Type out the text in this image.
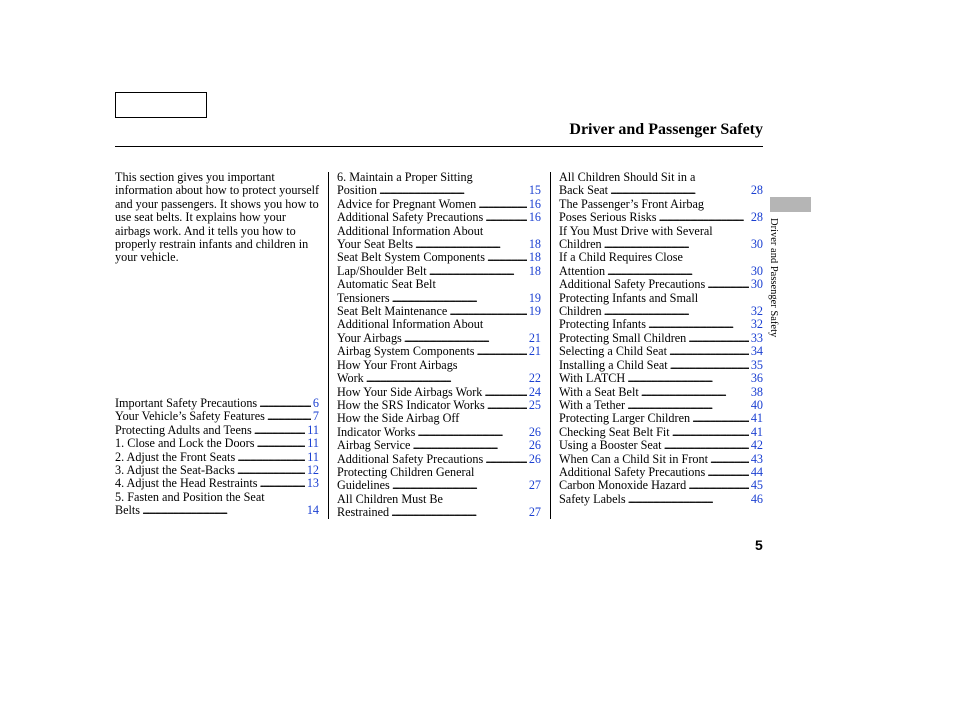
Driver and Passenger Safety

This section gives you important information about how to protect yourself and your passengers. It shows you how to use seat belts. It explains how your airbags work. And it tells you how to properly restrain infants and children in your vehicle.

Important Safety Precautions . . .	6
Your Vehicle’s Safety Features . . .	7
Protecting Adults and Teens . . .	11
1. Close and Lock the Doors . . .	11
2. Adjust the Front Seats . . .	11
3. Adjust the Seat-Backs . . .	12
4. Adjust the Head Restraints . . .	13
5. Fasten and Position the Seat
Belts . . .	14
6. Maintain a Proper Sitting
Position . . .	15
Advice for Pregnant Women . . .	16
Additional Safety Precautions . . .	16
Additional Information About
Your Seat Belts . . .	18
Seat Belt System Components . . .	18
Lap/Shoulder Belt . . .	18
Automatic Seat Belt
Tensioners . . .	19
Seat Belt Maintenance . . .	19
Additional Information About
Your Airbags . . .	21
Airbag System Components . . .	21
How Your Front Airbags
Work . . .	22
How Your Side Airbags Work . . .	24
How the SRS Indicator Works . . .	25
How the Side Airbag Off
Indicator Works . . .	26
Airbag Service . . .	26
Additional Safety Precautions . . .	26
Protecting Children General
Guidelines . . .	27
All Children Must Be
Restrained . . .	27
All Children Should Sit in a
Back Seat . . .	28
The Passenger’s Front Airbag
Poses Serious Risks . . .	28
If You Must Drive with Several
Children . . .	30
If a Child Requires Close
Attention . . .	30
Additional Safety Precautions . . .	30
Protecting Infants and Small
Children . . .	32
Protecting Infants . . .	32
Protecting Small Children . . .	33
Selecting a Child Seat . . .	34
Installing a Child Seat . . .	35
With LATCH . . .	36
With a Seat Belt . . .	38
With a Tether . . .	40
Protecting Larger Children . . .	41
Checking Seat Belt Fit . . .	41
Using a Booster Seat . . .	42
When Can a Child Sit in Front . . .	43
Additional Safety Precautions . . .	44
Carbon Monoxide Hazard . . .	45
Safety Labels . . .	46
Driver and Passenger Safety
5
